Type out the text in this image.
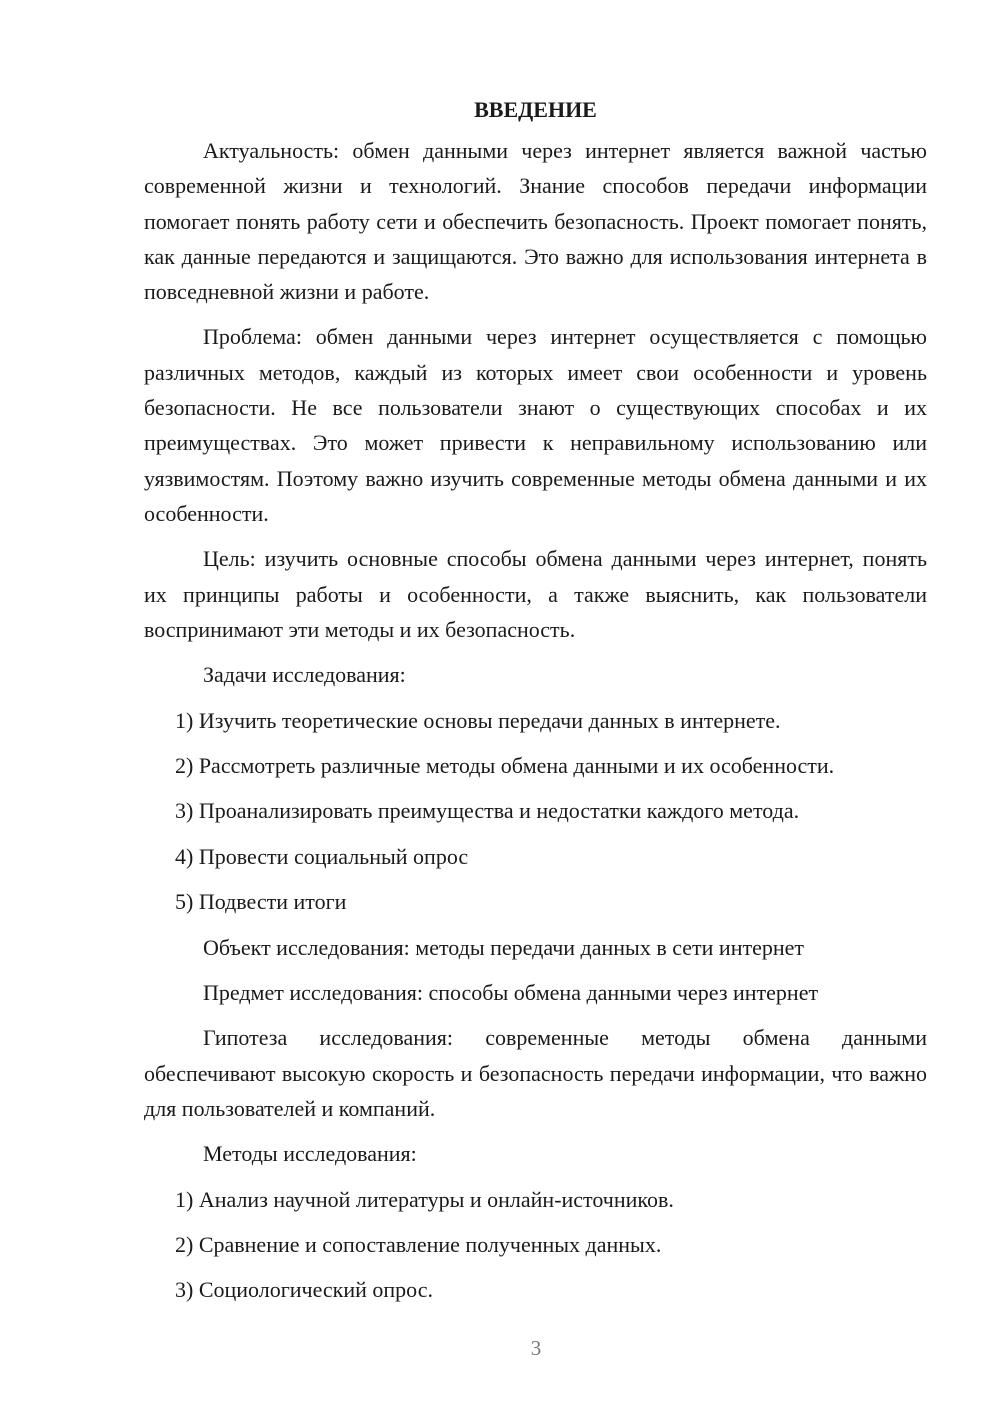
ВВЕДЕНИЕ

Актуальность: обмен данными через интернет является важной частью современной жизни и технологий. Знание способов передачи информации помогает понять работу сети и обеспечить безопасность. Проект помогает понять, как данные передаются и защищаются. Это важно для использования интернета в повседневной жизни и работе.

Проблема: обмен данными через интернет осуществляется с помощью различных методов, каждый из которых имеет свои особенности и уровень безопасности. Не все пользователи знают о существующих способах и их преимуществах. Это может привести к неправильному использованию или уязвимостям. Поэтому важно изучить современные методы обмена данными и их особенности.

Цель: изучить основные способы обмена данными через интернет, понять их принципы работы и особенности, а также выяснить, как пользователи воспринимают эти методы и их безопасность.

Задачи исследования:

1) Изучить теоретические основы передачи данных в интернете.
2) Рассмотреть различные методы обмена данными и их особенности.
3) Проанализировать преимущества и недостатки каждого метода.
4) Провести социальный опрос
5) Подвести итоги

Объект исследования: методы передачи данных в сети интернет

Предмет исследования: способы обмена данными через интернет

Гипотеза исследования: современные методы обмена данными обеспечивают высокую скорость и безопасность передачи информации, что важно для пользователей и компаний.

Методы исследования:

1) Анализ научной литературы и онлайн-источников.
2) Сравнение и сопоставление полученных данных.
3) Социологический опрос.
3
